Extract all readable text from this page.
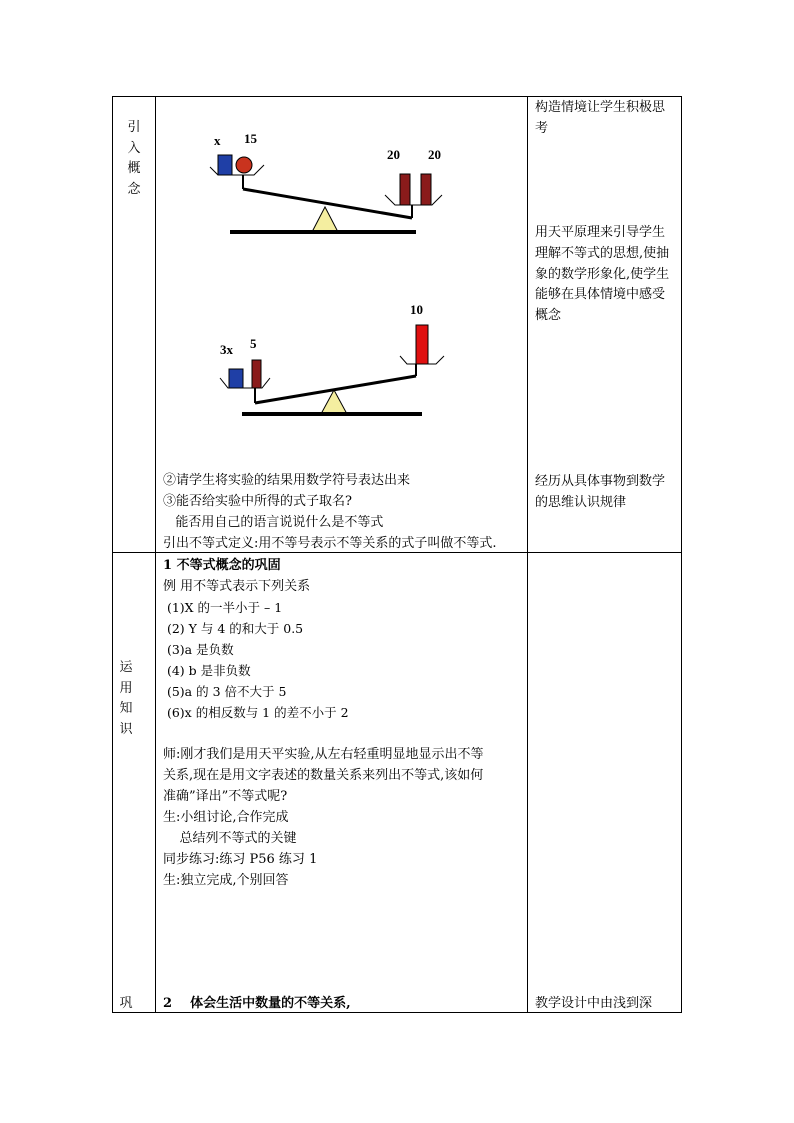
引入概念
x 15
20 20
10
3x 5
②请学生将实验的结果用数学符号表达出来
③能否给实验中所得的式子取名?
能否用自己的语言说说什么是不等式
引出不等式定义:用不等号表示不等关系的式子叫做不等式.
构造情境让学生积极思考
用天平原理来引导学生理解不等式的思想,使抽象的数学形象化,使学生能够在具体情境中感受概念
经历从具体事物到数学的思维认识规律
运用知识
1 不等式概念的巩固
例 用不等式表示下列关系
(1)X 的一半小于 – 1
(2) Y 与 4 的和大于 0.5
(3)a 是负数
(4) b 是非负数
(5)a 的 3 倍不大于 5
(6)x 的相反数与 1 的差不小于 2
师:刚才我们是用天平实验,从左右轻重明显地显示出不等
关系,现在是用文字表述的数量关系来列出不等式,该如何
准确”译出”不等式呢?
生:小组讨论,合作完成
总结列不等式的关键
同步练习:练习 P56 练习 1
生:独立完成,个别回答
巩 2    体会生活中数量的不等关系,	教学设计中由浅到深
